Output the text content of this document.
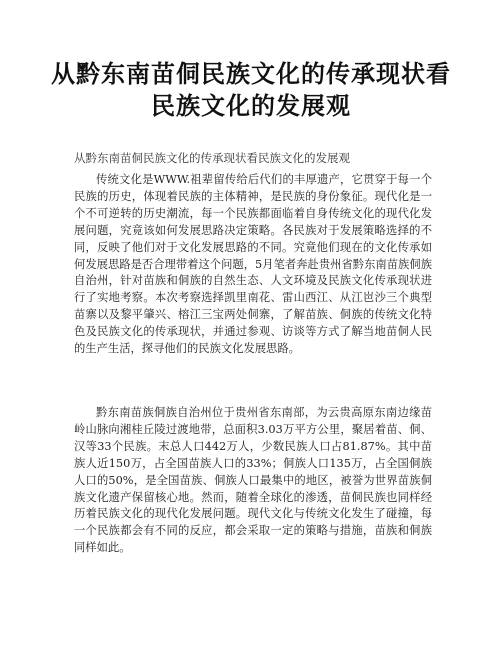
从黔东南苗侗民族文化的传承现状看民族文化的发展观

从黔东南苗侗民族文化的传承现状看民族文化的发展观

传统文化是WWW.祖辈留传给后代们的丰厚遗产，它贯穿于每一个民族的历史，体现着民族的主体精神，是民族的身份象征。现代化是一个不可逆转的历史潮流，每一个民族都面临着自身传统文化的现代化发展问题，究竟该如何发展思路决定策略。各民族对于发展策略选择的不同，反映了他们对于文化发展思路的不同。究竟他们现在的文化传承如何发展思路是否合理带着这个问题，5月笔者奔赴贵州省黔东南苗族侗族自治州，针对苗族和侗族的自然生态、人文环境及民族文化传承现状进行了实地考察。本次考察选择凯里南花、雷山西江、从江岜沙三个典型苗寨以及黎平肇兴、榕江三宝两处侗寨，了解苗族、侗族的传统文化特色及民族文化的传承现状，并通过参观、访谈等方式了解当地苗侗人民的生产生活，探寻他们的民族文化发展思路。

黔东南苗族侗族自治州位于贵州省东南部，为云贵高原东南边缘苗岭山脉向湘桂丘陵过渡地带，总面积3.03万平方公里，聚居着苗、侗、汉等33个民族。末总人口442万人，少数民族人口占81.87%。其中苗族人近150万，占全国苗族人口的33%；侗族人口135万，占全国侗族人口的50%，是全国苗族、侗族人口最集中的地区，被誉为世界苗族侗族文化遗产保留核心地。然而，随着全球化的渗透，苗侗民族也同样经历着民族文化的现代化发展问题。现代文化与传统文化发生了碰撞，每一个民族都会有不同的反应，都会采取一定的策略与措施，苗族和侗族同样如此。
